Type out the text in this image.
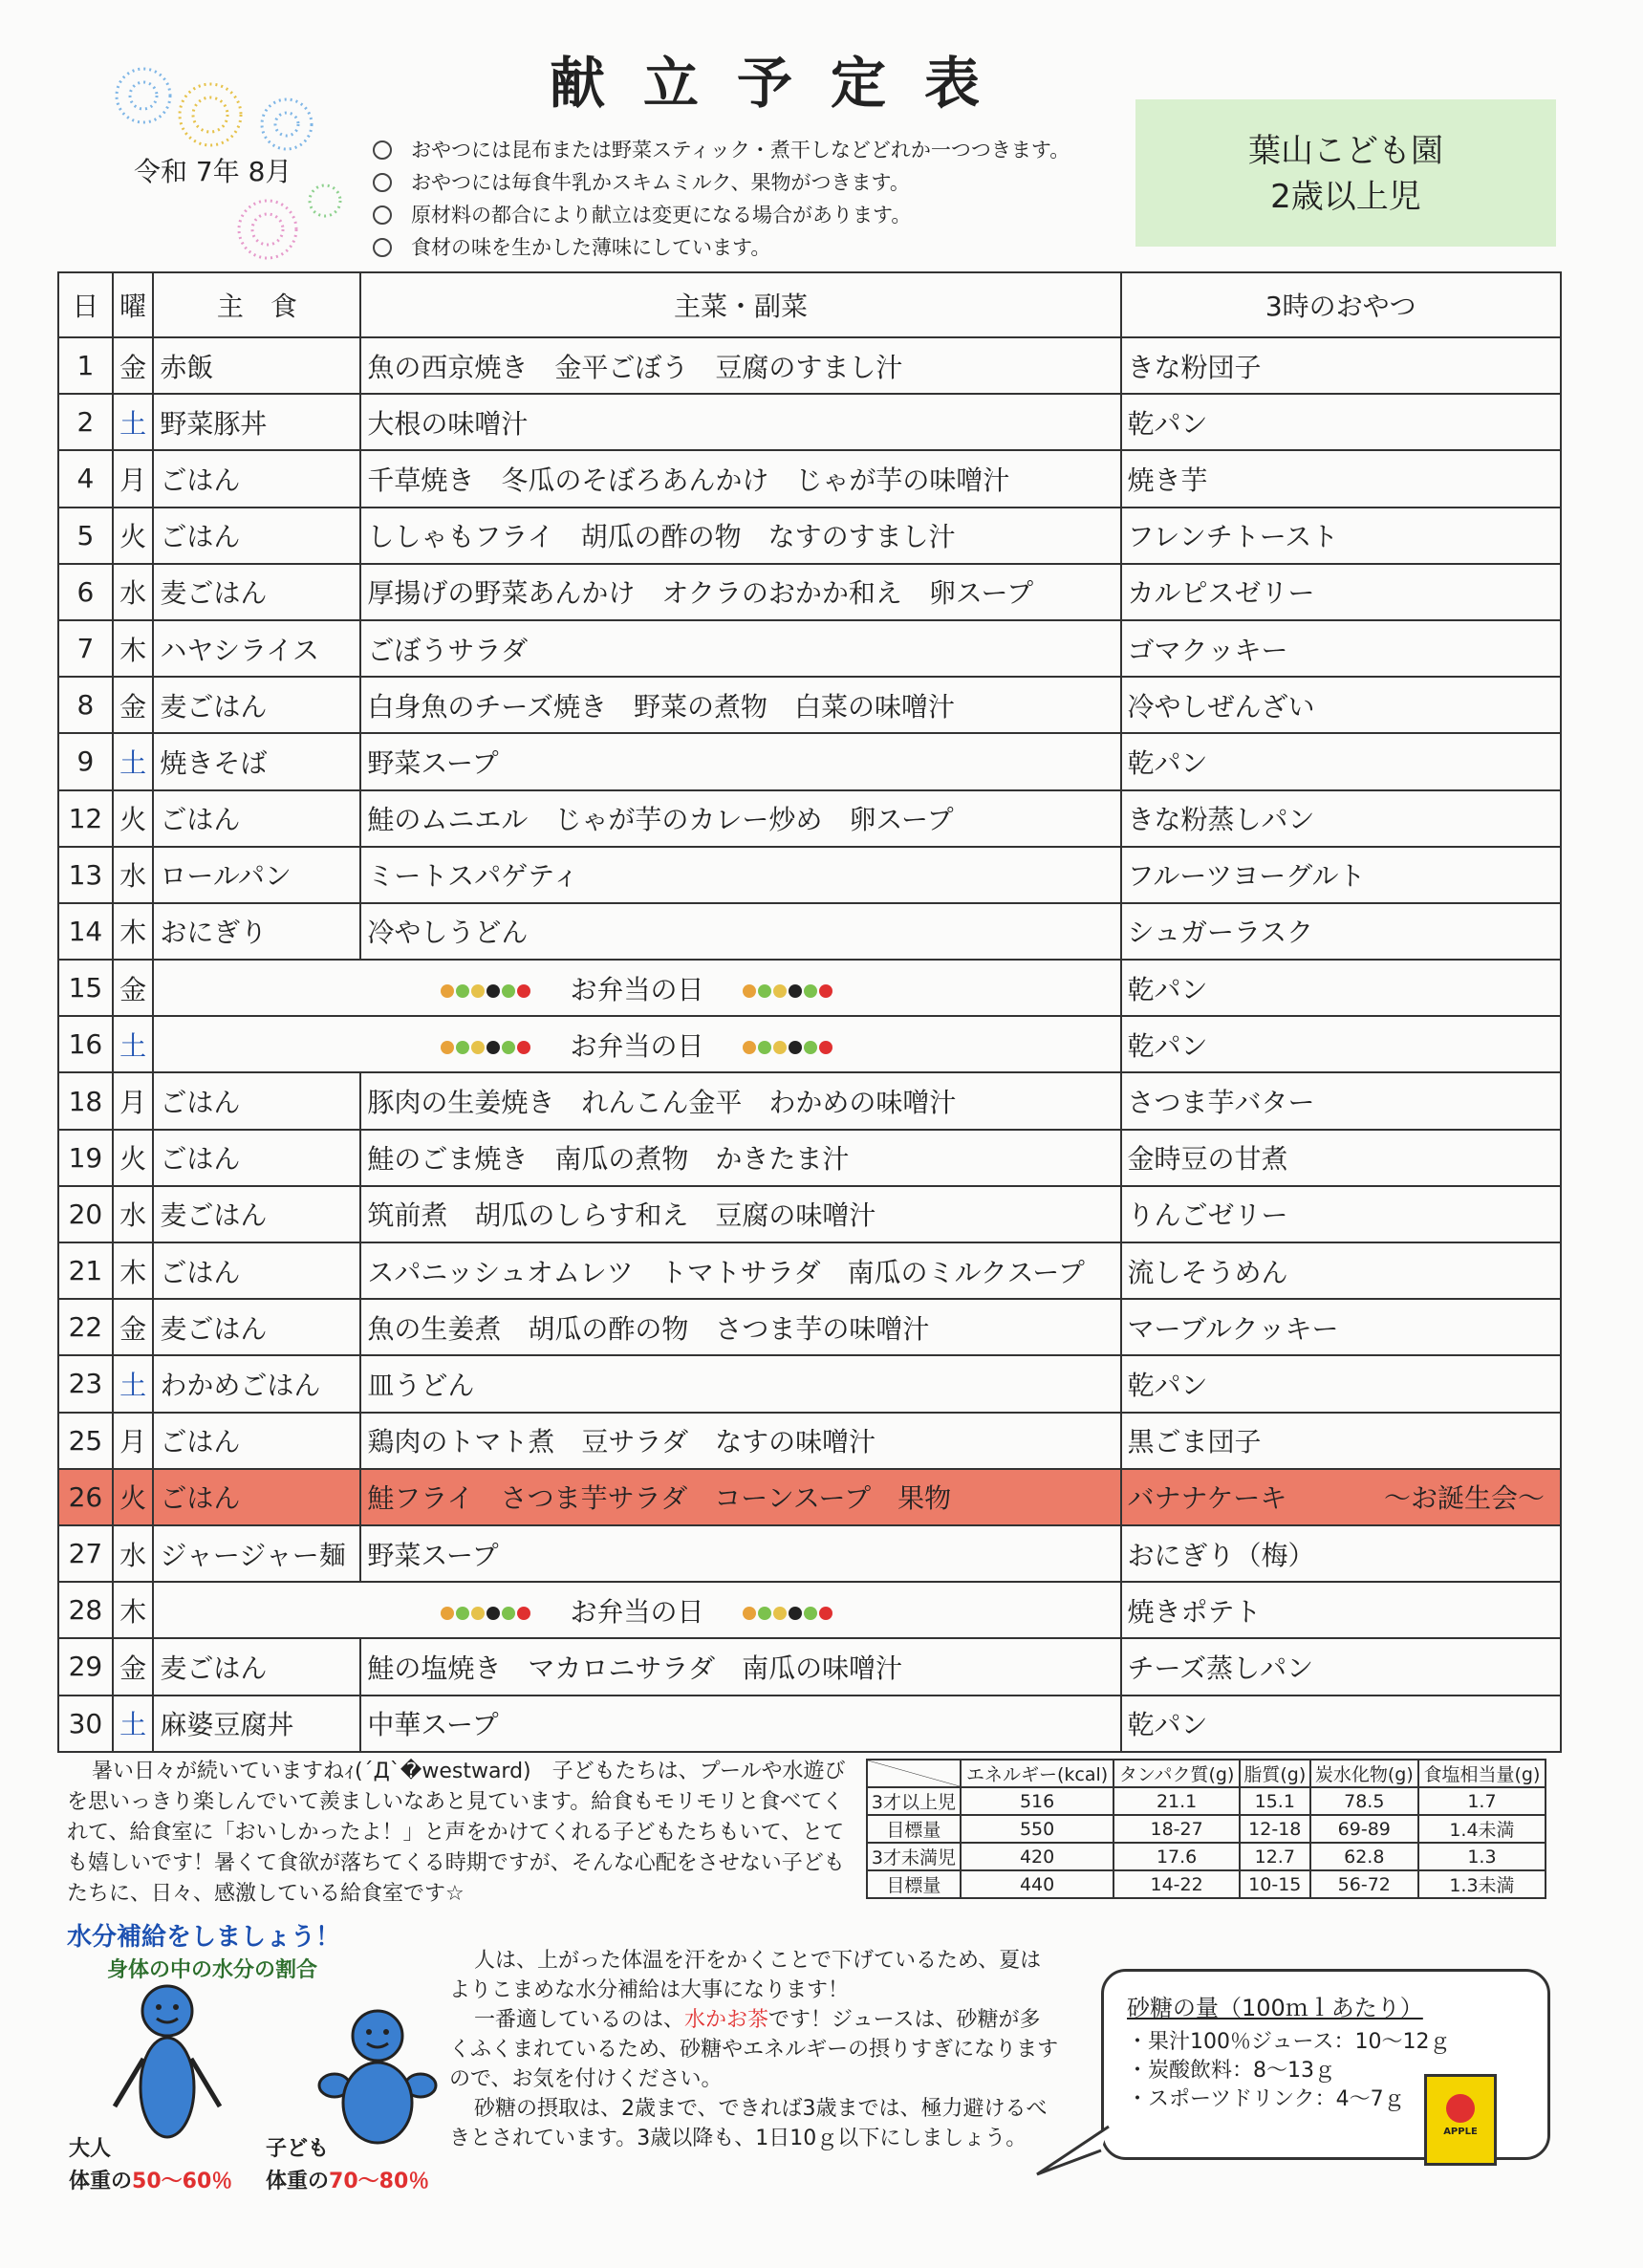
献立予定表
令和 7年 8月
おやつには昆布または野菜スティック・煮干しなどどれか一つつきます。
おやつには毎食牛乳かスキムミルク、果物がつきます。
原材料の都合により献立は変更になる場合があります。
食材の味を生かした薄味にしています。
葉山こども園
2歳以上児
日	曜	主　食	主菜・副菜	3時のおやつ
1	金	赤飯	魚の西京焼き　金平ごぼう　豆腐のすまし汁	きな粉団子
2	土	野菜豚丼	大根の味噌汁	乾パン
4	月	ごはん	千草焼き　冬瓜のそぼろあんかけ　じゃが芋の味噌汁	焼き芋
5	火	ごはん	ししゃもフライ　胡瓜の酢の物　なすのすまし汁	フレンチトースト
6	水	麦ごはん	厚揚げの野菜あんかけ　オクラのおかか和え　卵スープ	カルピスゼリー
7	木	ハヤシライス	ごぼうサラダ	ゴマクッキー
8	金	麦ごはん	白身魚のチーズ焼き　野菜の煮物　白菜の味噌汁	冷やしぜんざい
9	土	焼きそば	野菜スープ	乾パン
12	火	ごはん	鮭のムニエル　じゃが芋のカレー炒め　卵スープ	きな粉蒸しパン
13	水	ロールパン	ミートスパゲティ	フルーツヨーグルト
14	木	おにぎり	冷やしうどん	シュガーラスク
15	金	お弁当の日		乾パン
16	土	お弁当の日		乾パン
18	月	ごはん	豚肉の生姜焼き　れんこん金平　わかめの味噌汁	さつま芋バター
19	火	ごはん	鮭のごま焼き　南瓜の煮物　かきたま汁	金時豆の甘煮
20	水	麦ごはん	筑前煮　胡瓜のしらす和え　豆腐の味噌汁	りんごゼリー
21	木	ごはん	スパニッシュオムレツ　トマトサラダ　南瓜のミルクスープ	流しそうめん
22	金	麦ごはん	魚の生姜煮　胡瓜の酢の物　さつま芋の味噌汁	マーブルクッキー
23	土	わかめごはん	皿うどん	乾パン
25	月	ごはん	鶏肉のトマト煮　豆サラダ　なすの味噌汁	黒ごま団子
26	火	ごはん	鮭フライ　さつま芋サラダ　コーンスープ　果物	バナナケーキ ～お誕生会～

27	水	ジャージャー麺	野菜スープ	おにぎり（梅）
28	木	お弁当の日		焼きポテト
29	金	麦ごはん	鮭の塩焼き　マカロニサラダ　南瓜の味噌汁	チーズ蒸しパン
30	土	麻婆豆腐丼	中華スープ	乾パン
暑い日々が続いていますねｨ(´Д`�westward)　子どもたちは、プールや水遊びを思いっきり楽しんでいて羨ましいなあと見ています。給食もモリモリと食べてくれて、給食室に「おいしかったよ！」と声をかけてくれる子どもたちもいて、とても嬉しいです！暑くて食欲が落ちてくる時期ですが、そんな心配をさせない子どもたちに、日々、感激している給食室です☆
	エネルギー(kcal)	タンパク質(g)	脂質(g)	炭水化物(g)	食塩相当量(g)
3才以上児	516	21.1	15.1	78.5	1.7
目標量	550	18-27	12-18	69-89	1.4未満
3才未満児	420	17.6	12.7	62.8	1.3
目標量	440	14-22	10-15	56-72	1.3未満
水分補給をしましょう！
身体の中の水分の割合
大人
体重の50～60％
子ども
体重の70～80％

人は、上がった体温を汗をかくことで下げているため、夏はよりこまめな水分補給は大事になります！

一番適しているのは、水かお茶です！ジュースは、砂糖が多くふくまれているため、砂糖やエネルギーの摂りすぎになりますので、お気を付けください。

砂糖の摂取は、2歳まで、できれば3歳までは、極力避けるべきとされています。3歳以降も、1日10ｇ以下にしましょう。

砂糖の量（100ｍｌあたり）
・果汁100％ジュース：10～12ｇ
・炭酸飲料：8～13ｇ
・スポーツドリンク：4～7ｇ
APPLE
